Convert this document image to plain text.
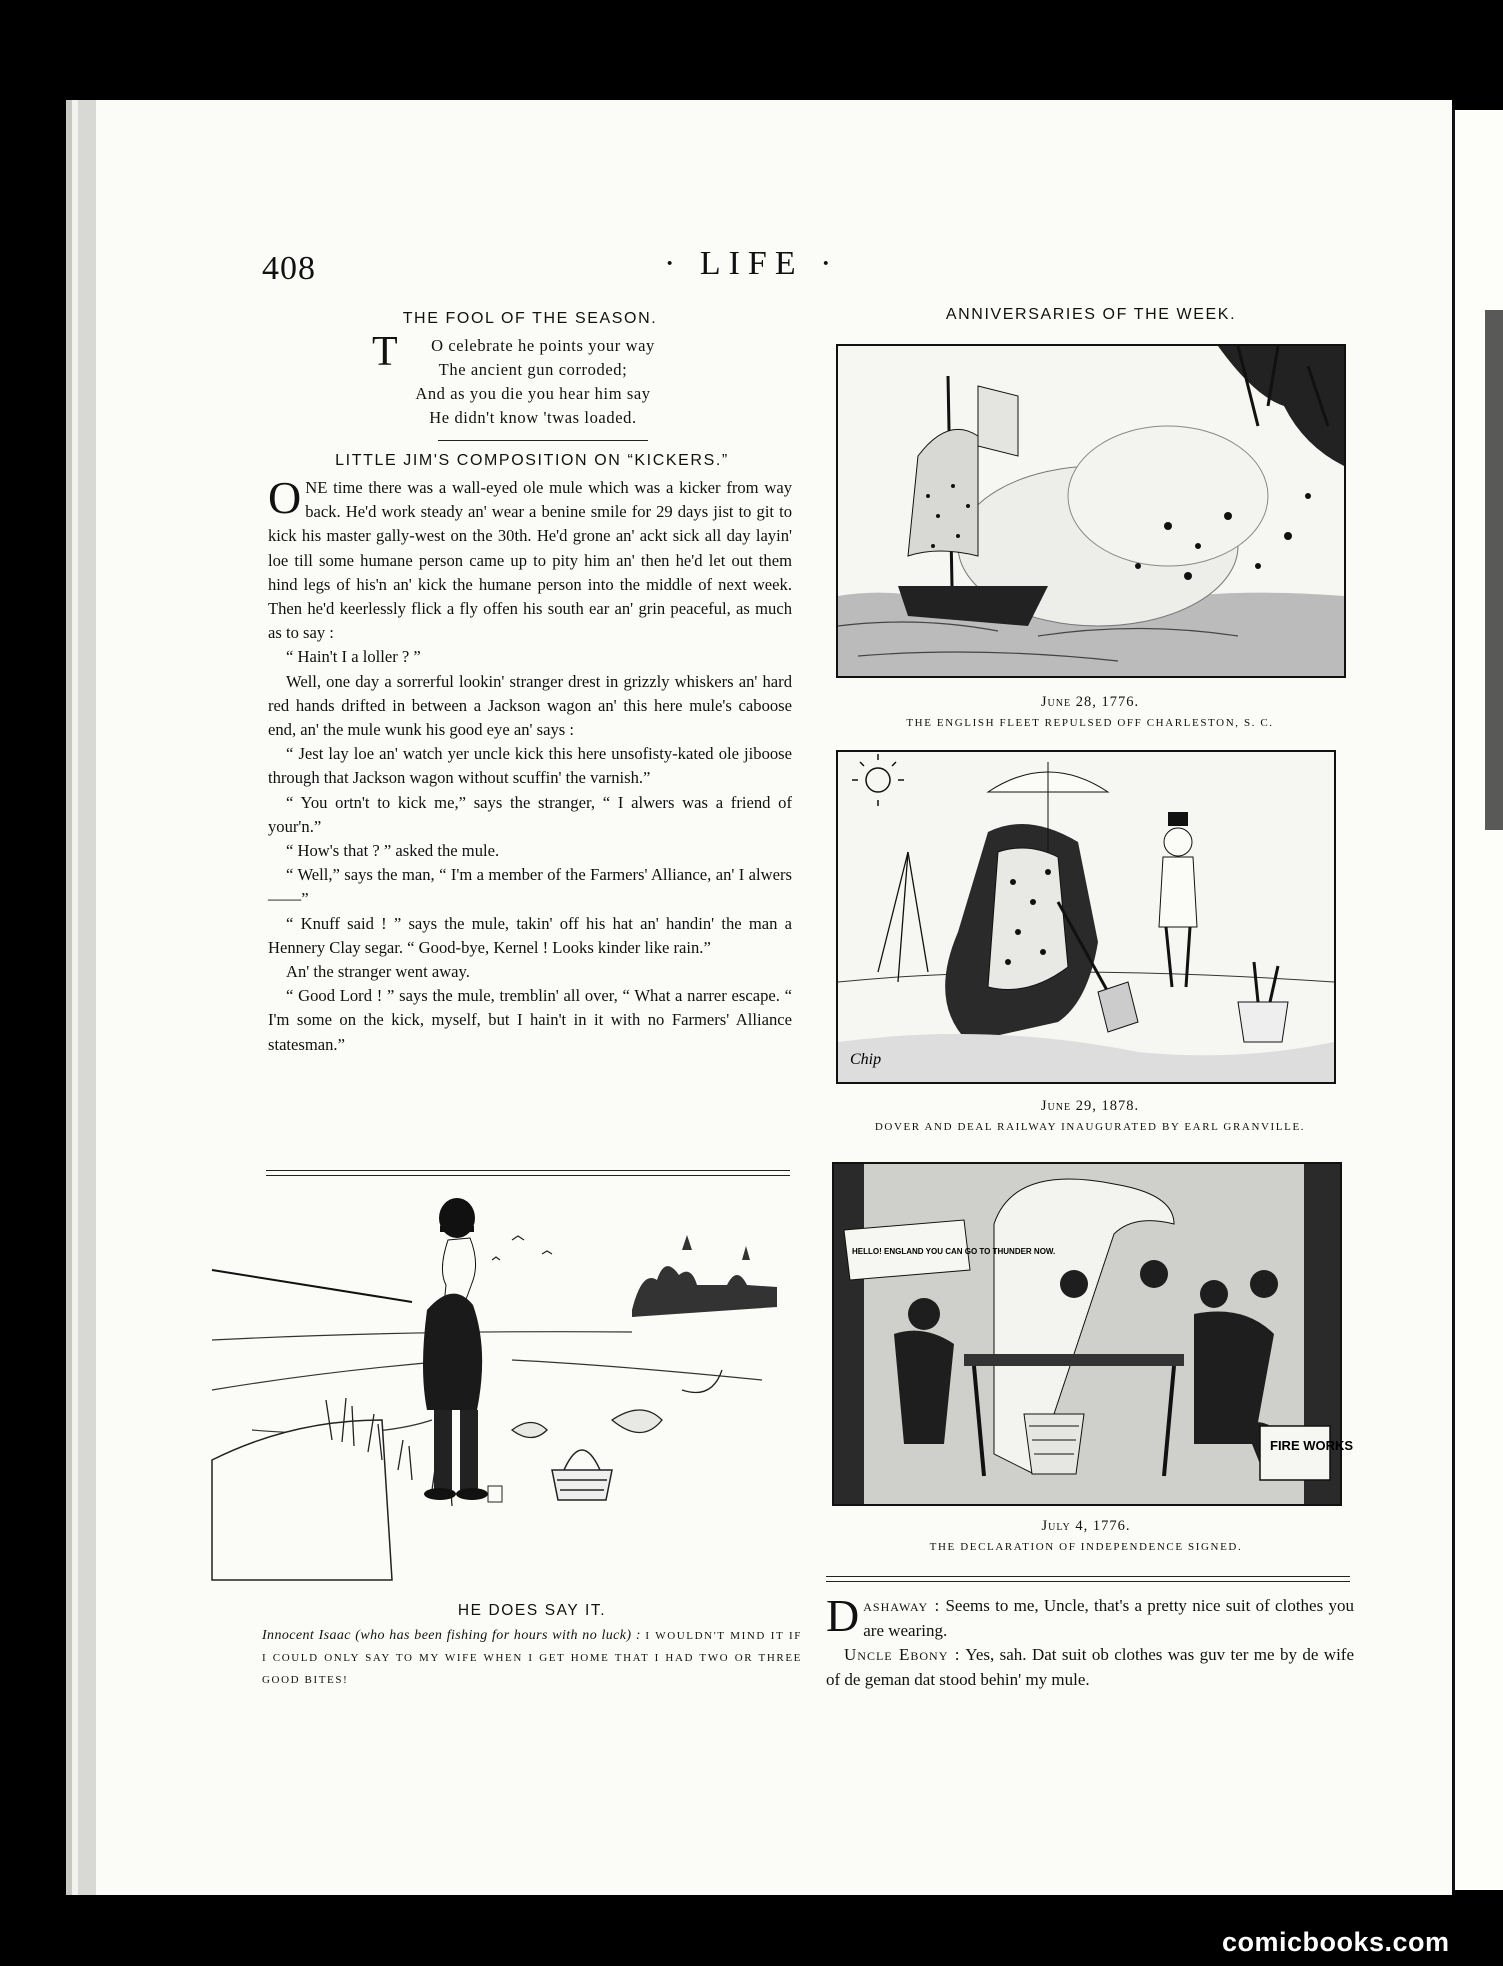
408	· LIFE ·
THE FOOL OF THE SEASON.
T	O celebrate he points your way
The ancient gun corroded;
And as you die you hear him say
He didn't know 'twas loaded.
LITTLE JIM'S COMPOSITION ON “KICKERS.”

ONE time there was a wall-eyed ole mule which was a kicker from way back. He'd work steady an' wear a benine smile for 29 days jist to git to kick his master gally-west on the 30th. He'd grone an' ackt sick all day layin' loe till some humane person came up to pity him an' then he'd let out them hind legs of his'n an' kick the humane person into the middle of next week. Then he'd keerlessly flick a fly offen his south ear an' grin peaceful, as much as to say :

“ Hain't I a loller ? ”

Well, one day a sorrerful lookin' stranger drest in grizzly whiskers an' hard red hands drifted in between a Jackson wagon an' this here mule's caboose end, an' the mule wunk his good eye an' says :

“ Jest lay loe an' watch yer uncle kick this here unsofisty-kated ole jiboose through that Jackson wagon without scuffin' the varnish.”

“ You ortn't to kick me,” says the stranger, “ I alwers was a friend of your'n.”

“ How's that ? ” asked the mule.

“ Well,” says the man, “ I'm a member of the Farmers' Alliance, an' I alwers——”

“ Knuff said ! ” says the mule, takin' off his hat an' handin' the man a Hennery Clay segar. “ Good-bye, Kernel ! Looks kinder like rain.”

An' the stranger went away.

“ Good Lord ! ” says the mule, tremblin' all over, “ What a narrer escape. “ I'm some on the kick, myself, but I hain't in it with no Farmers' Alliance statesman.”

HE DOES SAY IT.
Innocent Isaac (who has been fishing for hours with no luck) : I WOULDN'T MIND IT IF I COULD ONLY SAY TO MY WIFE WHEN I GET HOME THAT I HAD TWO OR THREE GOOD BITES!
ANNIVERSARIES OF THE WEEK.
June 28, 1776.
THE ENGLISH FLEET REPULSED OFF CHARLESTON, S. C.
Chip
June 29, 1878.
DOVER AND DEAL RAILWAY INAUGURATED BY EARL GRANVILLE.
HELLO! ENGLAND YOU CAN GO TO THUNDER NOW.
FIRE WORKS
July 4, 1776.
THE DECLARATION OF INDEPENDENCE SIGNED.

Dashaway : Seems to me, Uncle, that's a pretty nice suit of clothes you are wearing.

Uncle Ebony : Yes, sah. Dat suit ob clothes was guv ter me by de wife of de geman dat stood behin' my mule.

comicbooks.com
